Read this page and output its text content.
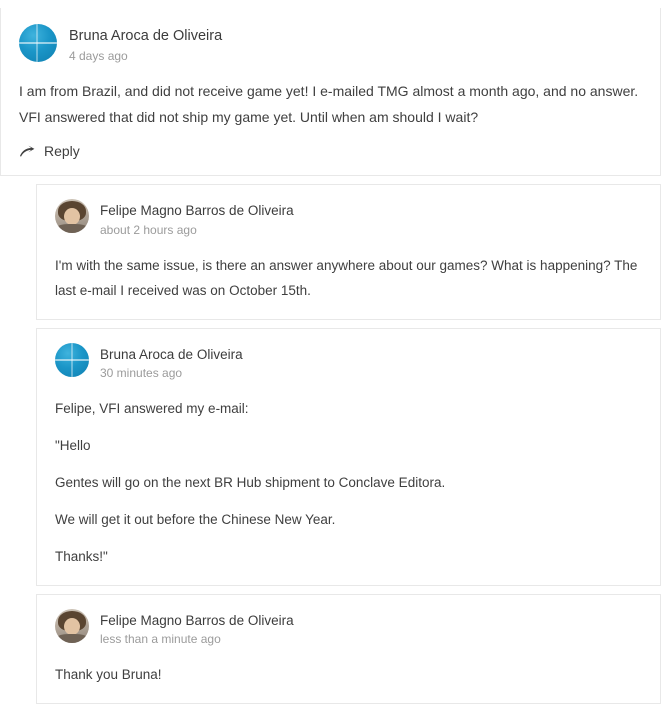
Bruna Aroca de Oliveira
4 days ago

I am from Brazil, and did not receive game yet! I e-mailed TMG almost a month ago, and no answer. VFI answered that did not ship my game yet. Until when am should I wait?

Reply
Felipe Magno Barros de Oliveira
about 2 hours ago

I'm with the same issue, is there an answer anywhere about our games? What is happening? The last e-mail I received was on October 15th.

Bruna Aroca de Oliveira
30 minutes ago

Felipe, VFI answered my e-mail:

"Hello

Gentes will go on the next BR Hub shipment to Conclave Editora.

We will get it out before the Chinese New Year.

Thanks!"

Felipe Magno Barros de Oliveira
less than a minute ago

Thank you Bruna!
